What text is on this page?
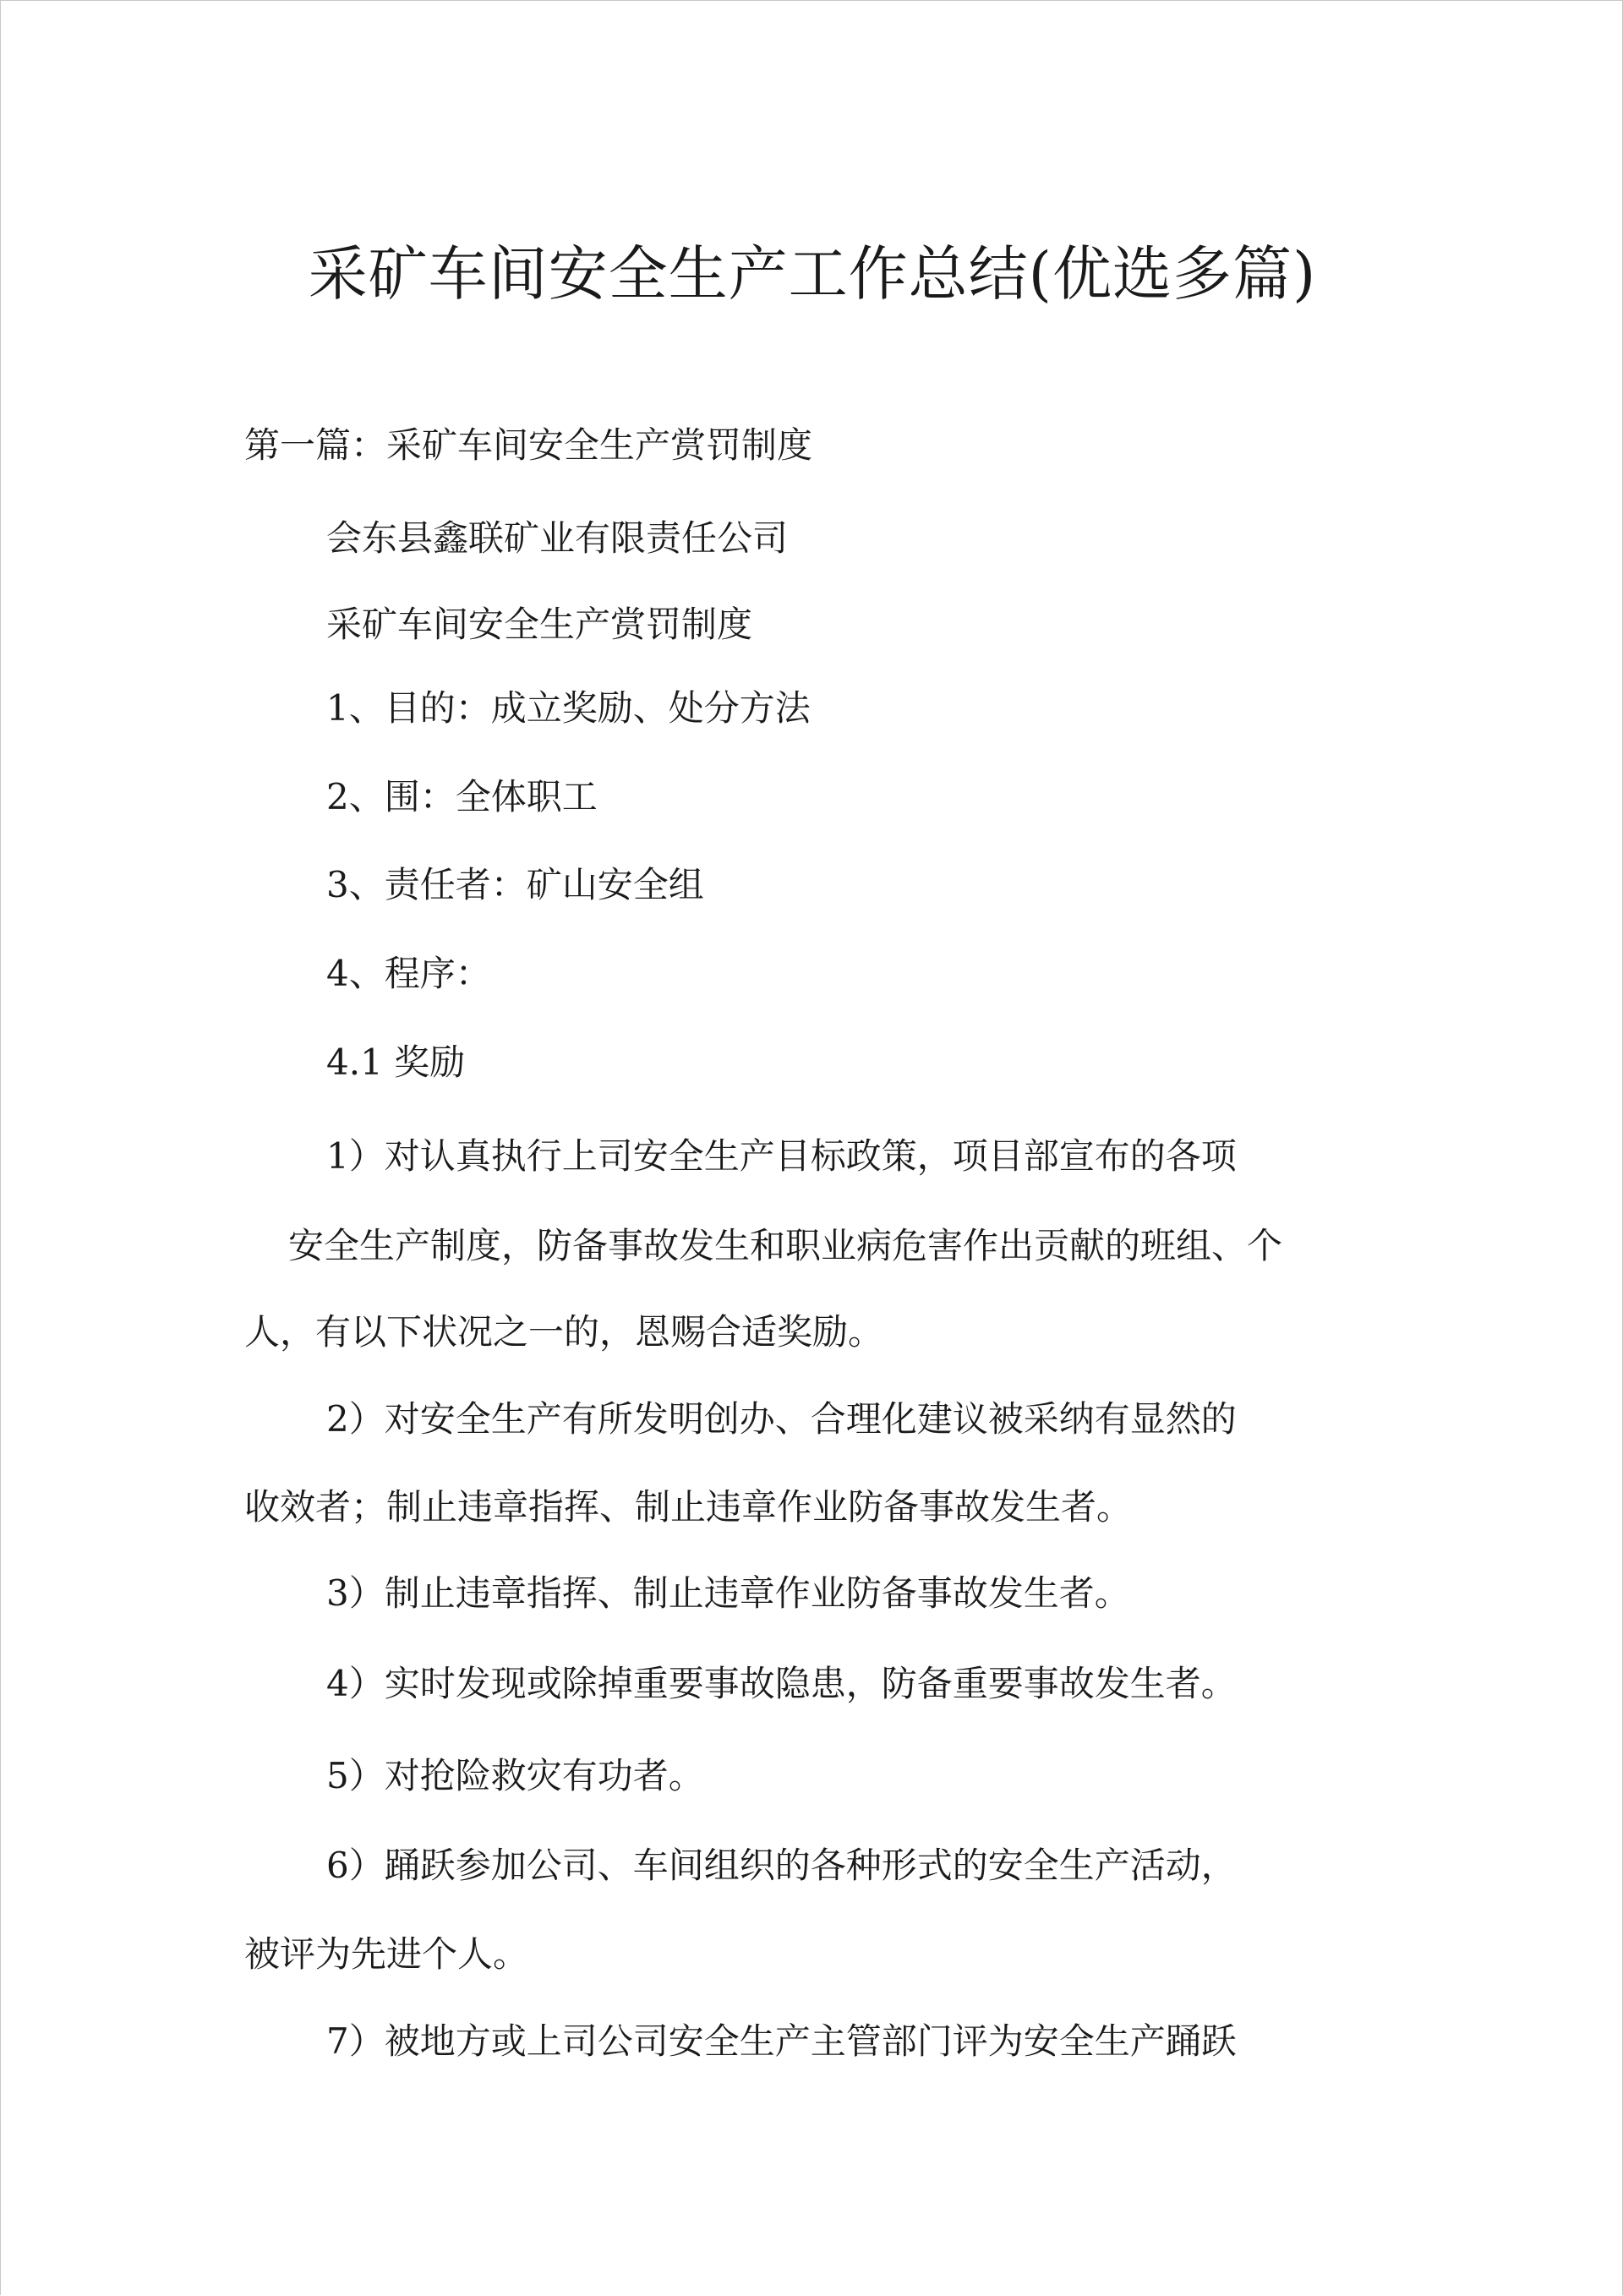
采矿车间安全生产工作总结(优选多篇)

第一篇：采矿车间安全生产赏罚制度

会东县鑫联矿业有限责任公司

采矿车间安全生产赏罚制度

1、目的：成立奖励、处分方法

2、围：全体职工

3、责任者：矿山安全组

4、程序：

4.1 奖励

1）对认真执行上司安全生产目标政策，项目部宣布的各项

安全生产制度，防备事故发生和职业病危害作出贡献的班组、个

人，有以下状况之一的，恩赐合适奖励。

2）对安全生产有所发明创办、合理化建议被采纳有显然的

收效者；制止违章指挥、制止违章作业防备事故发生者。

3）制止违章指挥、制止违章作业防备事故发生者。

4）实时发现或除掉重要事故隐患，防备重要事故发生者。

5）对抢险救灾有功者。

6）踊跃参加公司、车间组织的各种形式的安全生产活动，

被评为先进个人。

7）被地方或上司公司安全生产主管部门评为安全生产踊跃
